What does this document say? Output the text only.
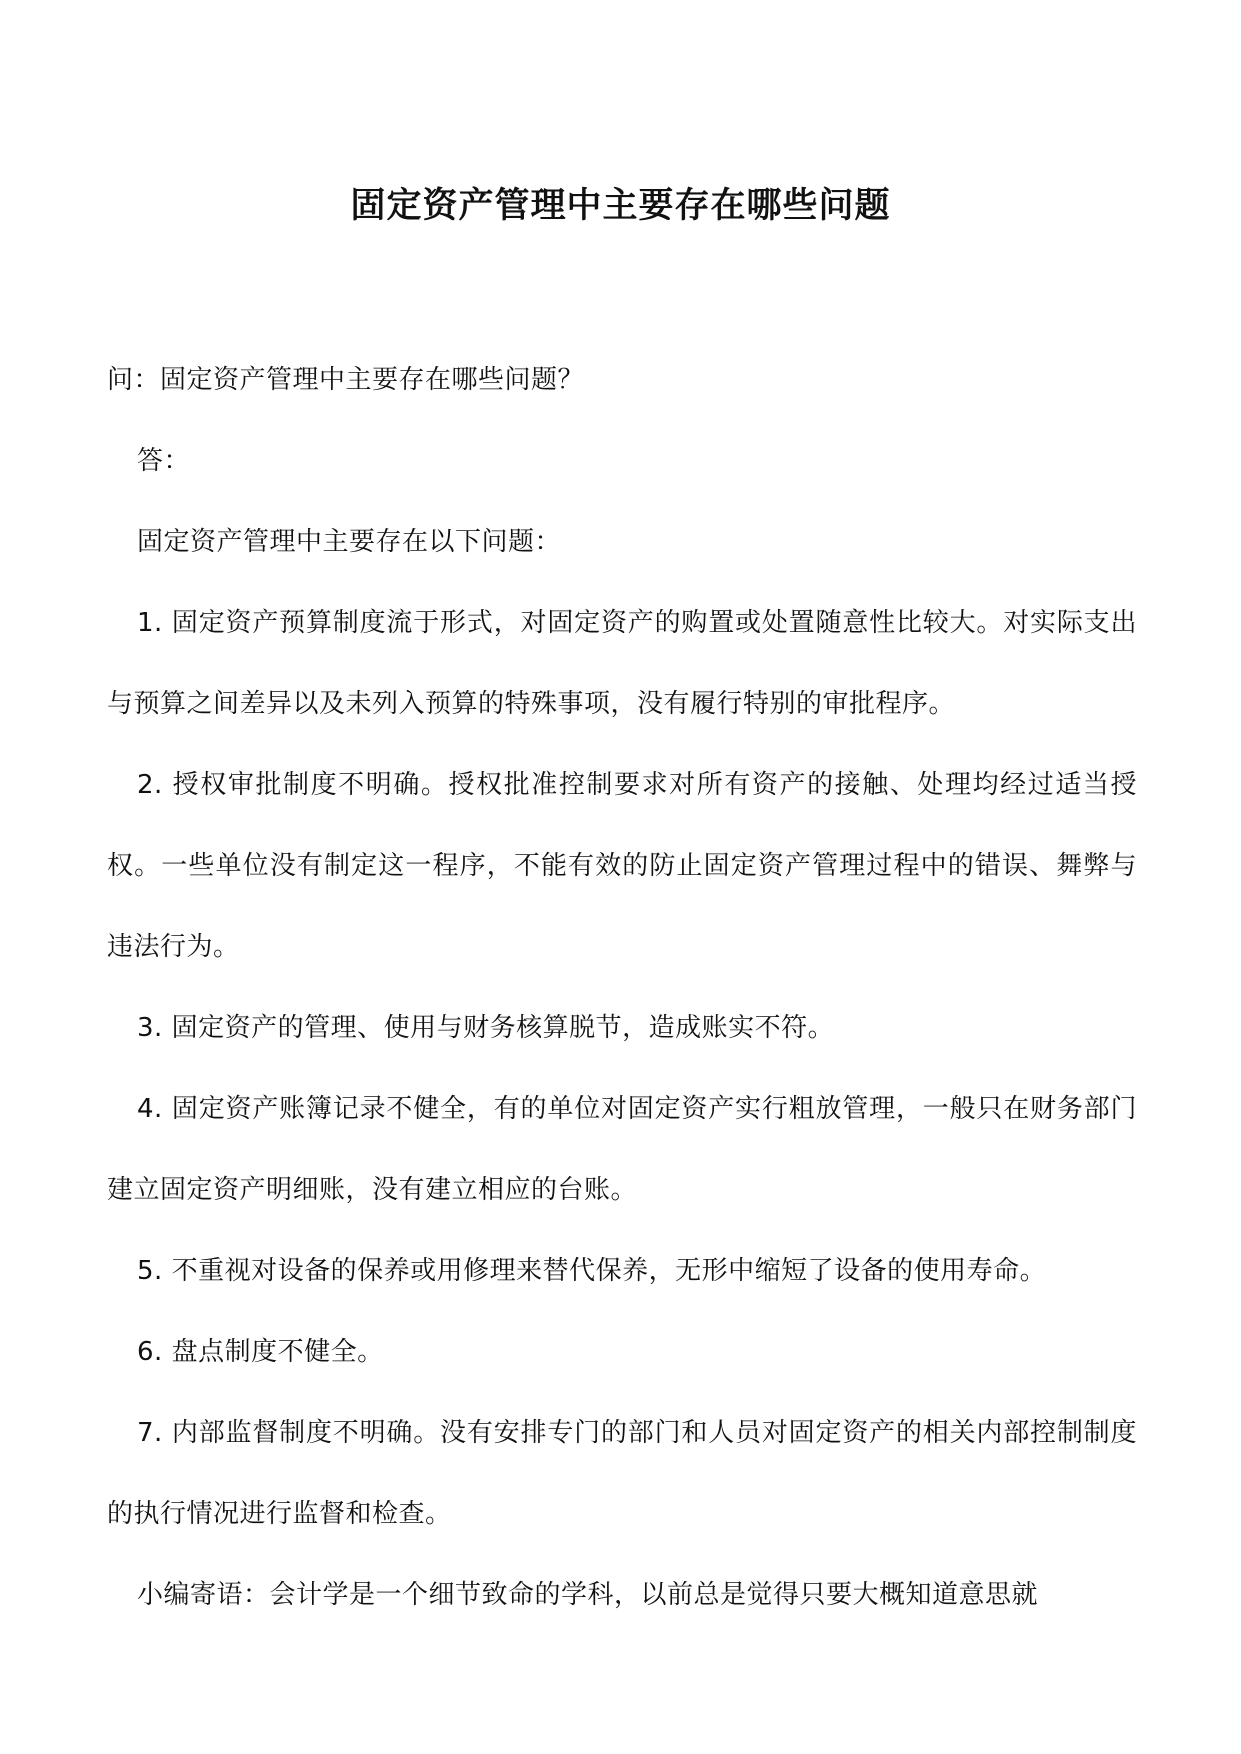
固定资产管理中主要存在哪些问题

问：固定资产管理中主要存在哪些问题？

答：

固定资产管理中主要存在以下问题：

1. 固定资产预算制度流于形式，对固定资产的购置或处置随意性比较大。对实际支出与预算之间差异以及未列入预算的特殊事项，没有履行特别的审批程序。

2. 授权审批制度不明确。授权批准控制要求对所有资产的接触、处理均经过适当授权。一些单位没有制定这一程序，不能有效的防止固定资产管理过程中的错误、舞弊与违法行为。

3. 固定资产的管理、使用与财务核算脱节，造成账实不符。

4. 固定资产账簿记录不健全，有的单位对固定资产实行粗放管理，一般只在财务部门建立固定资产明细账，没有建立相应的台账。

5. 不重视对设备的保养或用修理来替代保养，无形中缩短了设备的使用寿命。

6. 盘点制度不健全。

7. 内部监督制度不明确。没有安排专门的部门和人员对固定资产的相关内部控制制度的执行情况进行监督和检查。

小编寄语：会计学是一个细节致命的学科，以前总是觉得只要大概知道意思就
